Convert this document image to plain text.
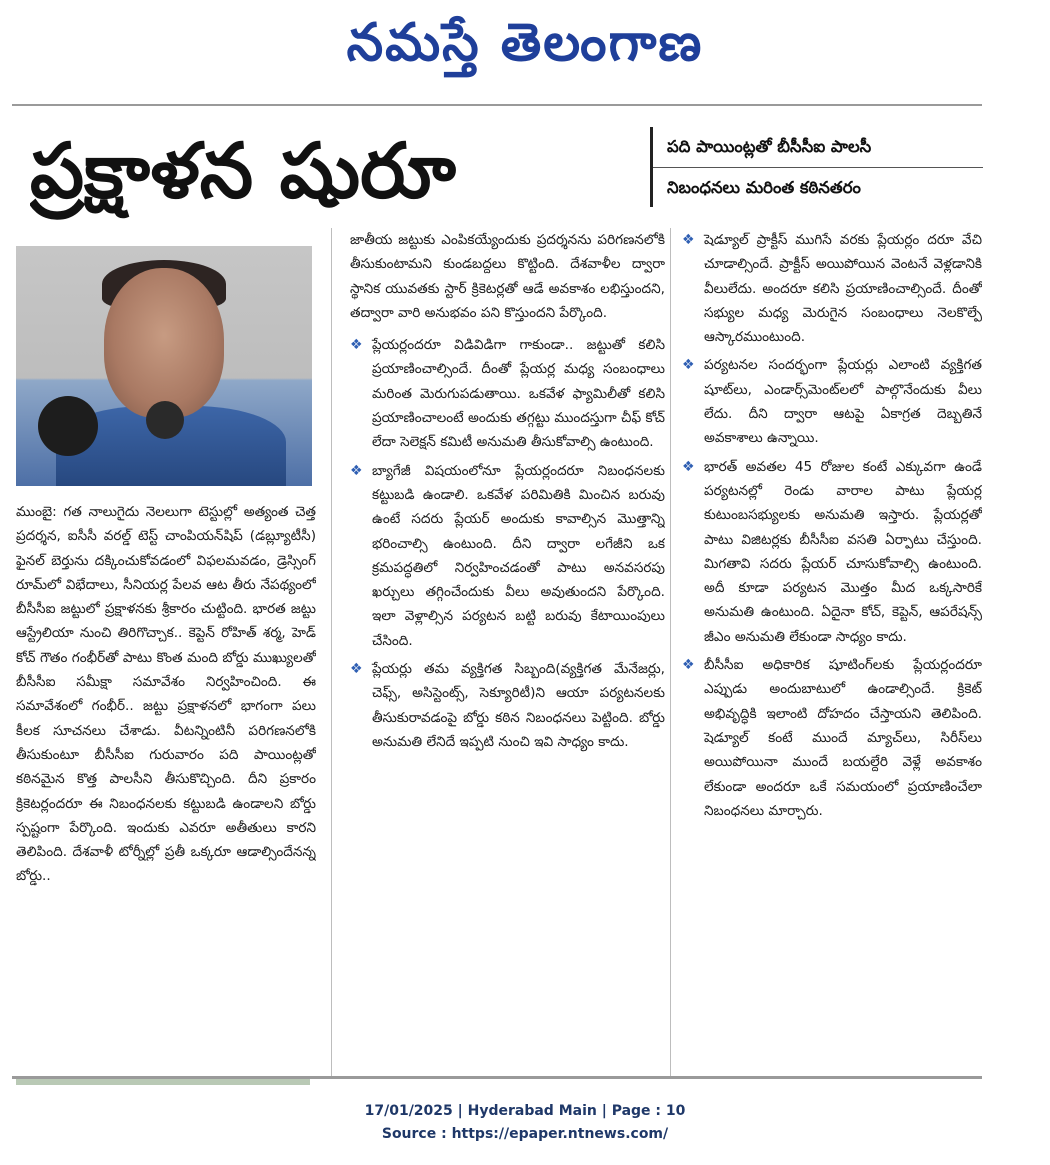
నమస్తే తెలంగాణ
ప్రక్షాళన షురూ	పది పాయింట్లతో బీసీసీఐ పాలసీ
నిబంధనలు మరింత కఠినతరం

ముంబై: గత నాలుగైదు నెలలుగా టెస్టుల్లో అత్యంత చెత్త ప్రదర్శన, ఐసీసీ వరల్డ్ టెస్ట్ చాంపియన్‌షిప్ (డబ్ల్యూటీసీ) ఫైనల్ బెర్తును దక్కించుకోవడంలో విఫలమవడం, డ్రెస్సింగ్ రూమ్‌లో విభేదాలు, సీనియర్ల పేలవ ఆట తీరు నేపథ్యంలో బీసీసీఐ జట్టులో ప్రక్షాళనకు శ్రీకారం చుట్టింది. భారత జట్టు ఆస్ట్రేలియా నుంచి తిరిగొచ్చాక.. కెప్టెన్ రోహిత్ శర్మ, హెడ్ కోచ్ గౌతం గంభీర్‌తో పాటు కొంత మంది బోర్డు ముఖ్యులతో బీసీసీఐ సమీక్షా సమావేశం నిర్వహించింది. ఈ సమావేశంలో గంభీర్.. జట్టు ప్రక్షాళనలో భాగంగా పలు కీలక సూచనలు చేశాడు. వీటన్నింటినీ పరిగణనలోకి తీసుకుంటూ బీసీసీఐ గురువారం పది పాయింట్లతో కఠినమైన కొత్త పాలసీని తీసుకొచ్చింది. దీని ప్రకారం క్రికెటర్లందరూ ఈ నిబంధనలకు కట్టుబడి ఉండాలని బోర్డు స్పష్టంగా పేర్కొంది. ఇందుకు ఎవరూ అతీతులు కారని తెలిపింది. దేశవాళీ టోర్నీల్లో ప్రతీ ఒక్కరూ ఆడాల్సిందేనన్న బోర్డు..

జాతీయ జట్టుకు ఎంపికయ్యేందుకు ప్రదర్శనను పరిగణనలోకి తీసుకుంటామని కుండబద్దలు కొట్టింది. దేశవాళీల ద్వారా స్థానిక యువతకు స్టార్ క్రికెటర్లతో ఆడే అవకాశం లభిస్తుందని, తద్వారా వారి అనుభవం పని కొస్తుందని పేర్కొంది.

❖ ప్లేయర్లందరూ విడివిడిగా గాకుండా.. జట్టుతో కలిసి ప్రయాణించాల్సిందే. దీంతో ప్లేయర్ల మధ్య సంబంధాలు మరింత మెరుగుపడుతాయి. ఒకవేళ ఫ్యామిలీతో కలిసి ప్రయాణించాలంటే అందుకు తగ్గట్టు ముందస్తుగా చీఫ్ కోచ్ లేదా సెలెక్షన్ కమిటీ అనుమతి తీసుకోవాల్సి ఉంటుంది.
❖ బ్యాగేజీ విషయంలోనూ ప్లేయర్లందరూ నిబంధనలకు కట్టుబడి ఉండాలి. ఒకవేళ పరిమితికి మించిన బరువు ఉంటే సదరు ప్లేయర్ అందుకు కావాల్సిన మొత్తాన్ని భరించాల్సి ఉంటుంది. దీని ద్వారా లగేజీని ఒక క్రమపద్ధతిలో నిర్వహించడంతో పాటు అనవసరపు ఖర్చులు తగ్గించేందుకు వీలు అవుతుందని పేర్కొంది. ఇలా వెళ్లాల్సిన పర్యటన బట్టి బరువు కేటాయింపులు చేసింది.
❖ ప్లేయర్లు తమ వ్యక్తిగత సిబ్బంది(వ్యక్తిగత మేనేజర్లు, చెఫ్స్, అసిస్టెంట్స్, సెక్యూరిటీ)ని ఆయా పర్యటనలకు తీసుకురావడంపై బోర్డు కఠిన నిబంధనలు పెట్టింది. బోర్డు అనుమతి లేనిదే ఇప్పటి నుంచి ఇవి సాధ్యం కాదు.
❖ షెడ్యూల్ ప్రాక్టీస్ ముగిసే వరకు ప్లేయర్లం దరూ వేచి చూడాల్సిందే. ప్రాక్టీస్ అయిపోయిన వెంటనే వెళ్లడానికి వీలులేదు. అందరూ కలిసి ప్రయాణించాల్సిందే. దీంతో సభ్యుల మధ్య మెరుగైన సంబంధాలు నెలకొల్పే ఆస్కారముంటుంది.
❖ పర్యటనల సందర్భంగా ప్లేయర్లు ఎలాంటి వ్యక్తిగత షూట్‌లు, ఎండార్స్‌మెంట్‌లలో పాల్గొనేందుకు వీలు లేదు. దీని ద్వారా ఆటపై ఏకాగ్రత దెబ్బతినే అవకాశాలు ఉన్నాయి.
❖ భారత్ అవతల 45 రోజుల కంటే ఎక్కువగా ఉండే పర్యటనల్లో రెండు వారాల పాటు ప్లేయర్ల కుటుంబసభ్యులకు అనుమతి ఇస్తారు. ప్లేయర్లతో పాటు విజిటర్లకు బీసీసీఐ వసతి ఏర్పాటు చేస్తుంది. మిగతావి సదరు ప్లేయర్ చూసుకోవాల్సి ఉంటుంది. అదీ కూడా పర్యటన మొత్తం మీద ఒక్కసారికే అనుమతి ఉంటుంది. ఏదైనా కోచ్, కెప్టెన్, ఆపరేషన్స్ జీఎం అనుమతి లేకుండా సాధ్యం కాదు.
❖ బీసీసీఐ అధికారిక షూటింగ్‌లకు ప్లేయర్లందరూ ఎప్పుడు అందుబాటులో ఉండాల్సిందే. క్రికెట్ అభివృద్ధికి ఇలాంటి దోహదం చేస్తాయని తెలిపింది. షెడ్యూల్ కంటే ముందే మ్యాచ్‌లు, సిరీస్‌లు అయిపోయినా ముందే బయల్దేరి వెళ్లే అవకాశం లేకుండా అందరూ ఒకే సమయంలో ప్రయాణించేలా నిబంధనలు మార్చారు.
17/01/2025 | Hyderabad Main | Page : 10
Source : https://epaper.ntnews.com/
